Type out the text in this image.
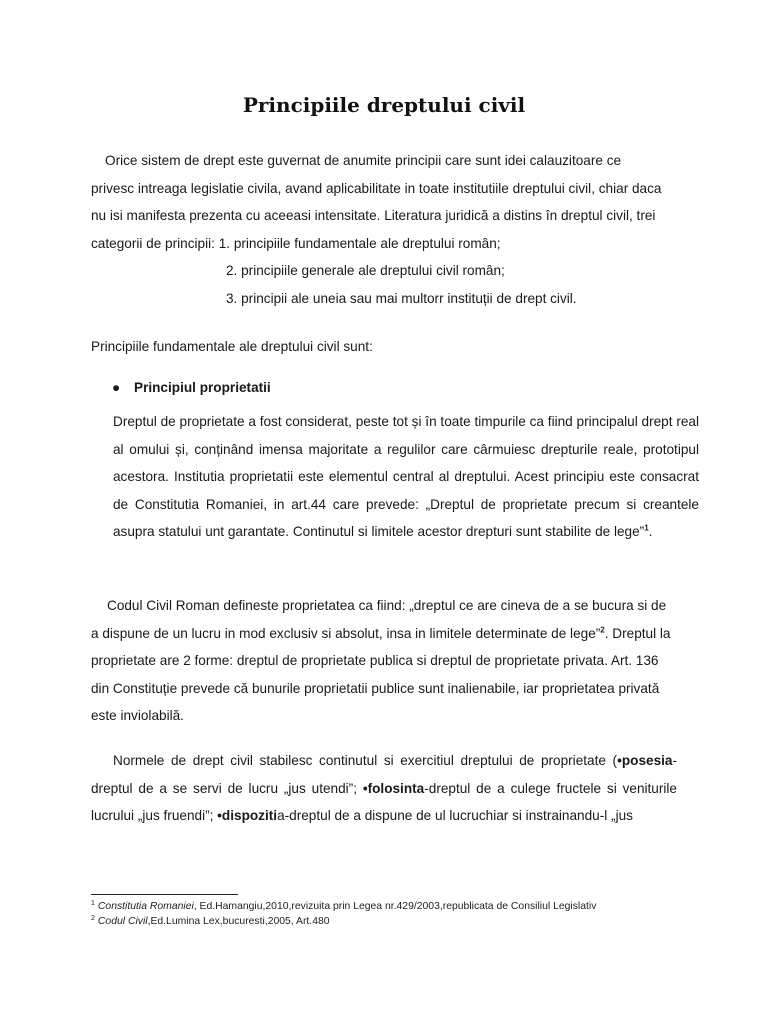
Principiile dreptului civil
Orice sistem de drept este guvernat de anumite principii care sunt idei calauzitoare ce
privesc intreaga legislatie civila, avand aplicabilitate in toate institutiile dreptului civil, chiar daca
nu isi manifesta prezenta cu aceeasi intensitate. Literatura juridică a distins în dreptul civil, trei
categorii de principii: 1. principiile fundamentale ale dreptului român;
2. principiile generale ale dreptului civil român;
3. principii ale uneia sau mai multorr instituții de drept civil.
Principiile fundamentale ale dreptului civil sunt:
● Principiul proprietatii
Dreptul de proprietate a fost considerat, peste tot și în toate timpurile ca fiind principalul drept real al omului și, conținând imensa majoritate a regulilor care cârmuiesc drepturile reale, prototipul acestora. Institutia proprietatii este elementul central al dreptului. Acest principiu este consacrat de Constitutia Romaniei, in art.44 care prevede: „Dreptul de proprietate precum si creantele asupra statului unt garantate. Continutul si limitele acestor drepturi sunt stabilite de lege”$^1$.
Codul Civil Roman defineste proprietatea ca fiind: „dreptul ce are cineva de a se bucura si de a dispune de un lucru in mod exclusiv si absolut, insa in limitele determinate de lege”$^2$. Dreptul la proprietate are 2 forme: dreptul de proprietate publica si dreptul de proprietate privata. Art. 136 din Constituție prevede că bunurile proprietatii publice sunt inalienabile, iar proprietatea privată este inviolabilă.
Normele de drept civil stabilesc continutul si exercitiul dreptului de proprietate (•posesia-dreptul de a se servi de lucru „jus utendi”; •folosinta-dreptul de a culege fructele si veniturile lucrului „jus fruendi”; •dispozitia-dreptul de a dispune de ul lucruchiar si instrainandu-l „jus
$^1$ Constitutia Romaniei, Ed.Hamangiu,2010,revizuita prin Legea nr.429/2003,republicata de Consiliul Legislativ
$^2$ Codul Civil,Ed.Lumina Lex,bucuresti,2005, Art.480
